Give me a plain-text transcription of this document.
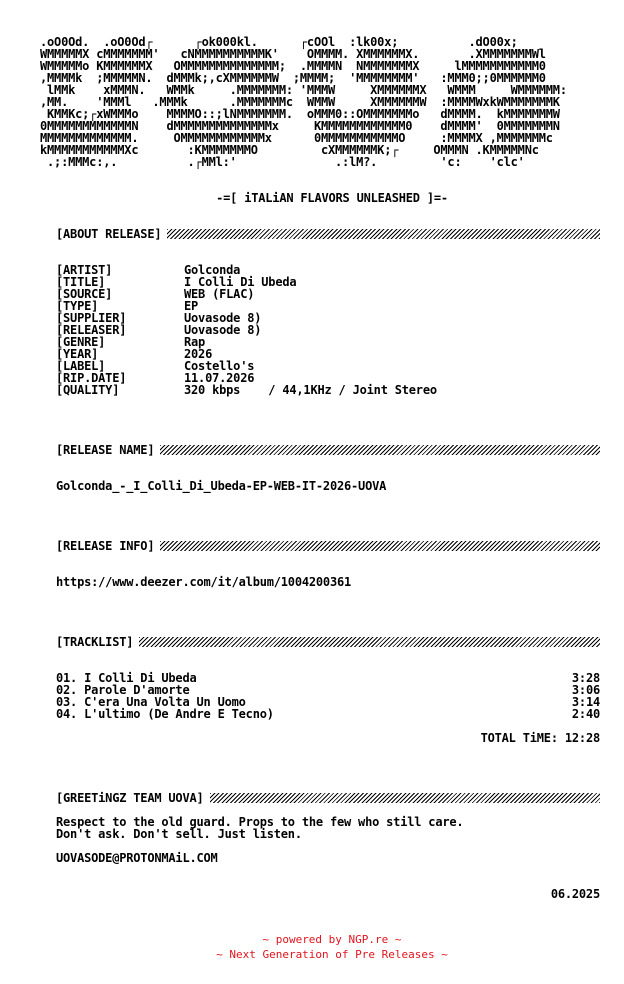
.oO0Od.  .oO0Od┌      ┌ok000kl.      ┌cOOl  :lk00x;          .dO00x;
WMMMMMX cMMMMMMM'   cNMMMMMMMMMMK'    OMMMM. XMMMMMMX.       .XMMMMMMMWl
WMMMMMo KMMMMMMX   OMMMMMMMMMMMMMM;  .MMMMN  NMMMMMMMX     lMMMMMMMMMMM0
,MMMMk  ;MMMMMN.  dMMMk;,cXMMMMMMW  ;MMMM;  'MMMMMMMM'   :MMM0;;0MMMMMM0
lMMk    xMMMN.   WMMk     .MMMMMMM: 'MMMW     XMMMMMMX   WMMM     WMMMMMM:
,MM.    'MMMl   .MMMk      .MMMMMMMc  WMMW     XMMMMMMW  :MMMMWxkWMMMMMMMK
KMMKc;┌xWMMMo    MMMMO::;lNMMMMMMM.  oMMM0::OMMMMMMMo   dMMMM.  kMMMMMMMW
0MMMMMMMMMMMMN    dMMMMMMMMMMMMMMx     KMMMMMMMMMMMM0    dMMMM'  0MMMMMMMN
MMMMMMMMMMMMM.     OMMMMMMMMMMMMx      0MMMMMMMMMMMO     :MMMMX ,MMMMMMMc
kMMMMMMMMMMMXc       :KMMMMMMMO         cXMMMMMMK;┌     OMMMN .KMMMMMNc
.;:MMMc:,.          .┌MMl:'              .:lM?.         'c:    'clc'
-=[ iTALiAN FLAVORS UNLEASHED ]=-
[ABOUT RELEASE]
[ARTIST]	Golconda
[TITLE]	I Colli Di Ubeda
[SOURCE]	WEB (FLAC)
[TYPE]	EP
[SUPPLIER]	Uovasode 8)
[RELEASER]	Uovasode 8)
[GENRE]	Rap
[YEAR]	2026
[LABEL]	Costello's
[RIP.DATE]	11.07.2026
[QUALITY]	320 kbps    / 44,1KHz / Joint Stereo
[RELEASE NAME]
Golconda_-_I_Colli_Di_Ubeda-EP-WEB-IT-2026-UOVA
[RELEASE INFO]
https://www.deezer.com/it/album/1004200361
[TRACKLIST]
01. I Colli Di Ubeda	3:28
02. Parole D'amorte	3:06
03. C'era Una Volta Un Uomo	3:14
04. L'ultimo (De Andre E Tecno)	2:40
TOTAL TiME: 12:28
[GREETiNGZ TEAM UOVA]
Respect to the old guard. Props to the few who still care.
Don't ask. Don't sell. Just listen.
UOVASODE@PROTONMAiL.COM
06.2025
~ powered by NGP.re ~
~ Next Generation of Pre Releases ~
